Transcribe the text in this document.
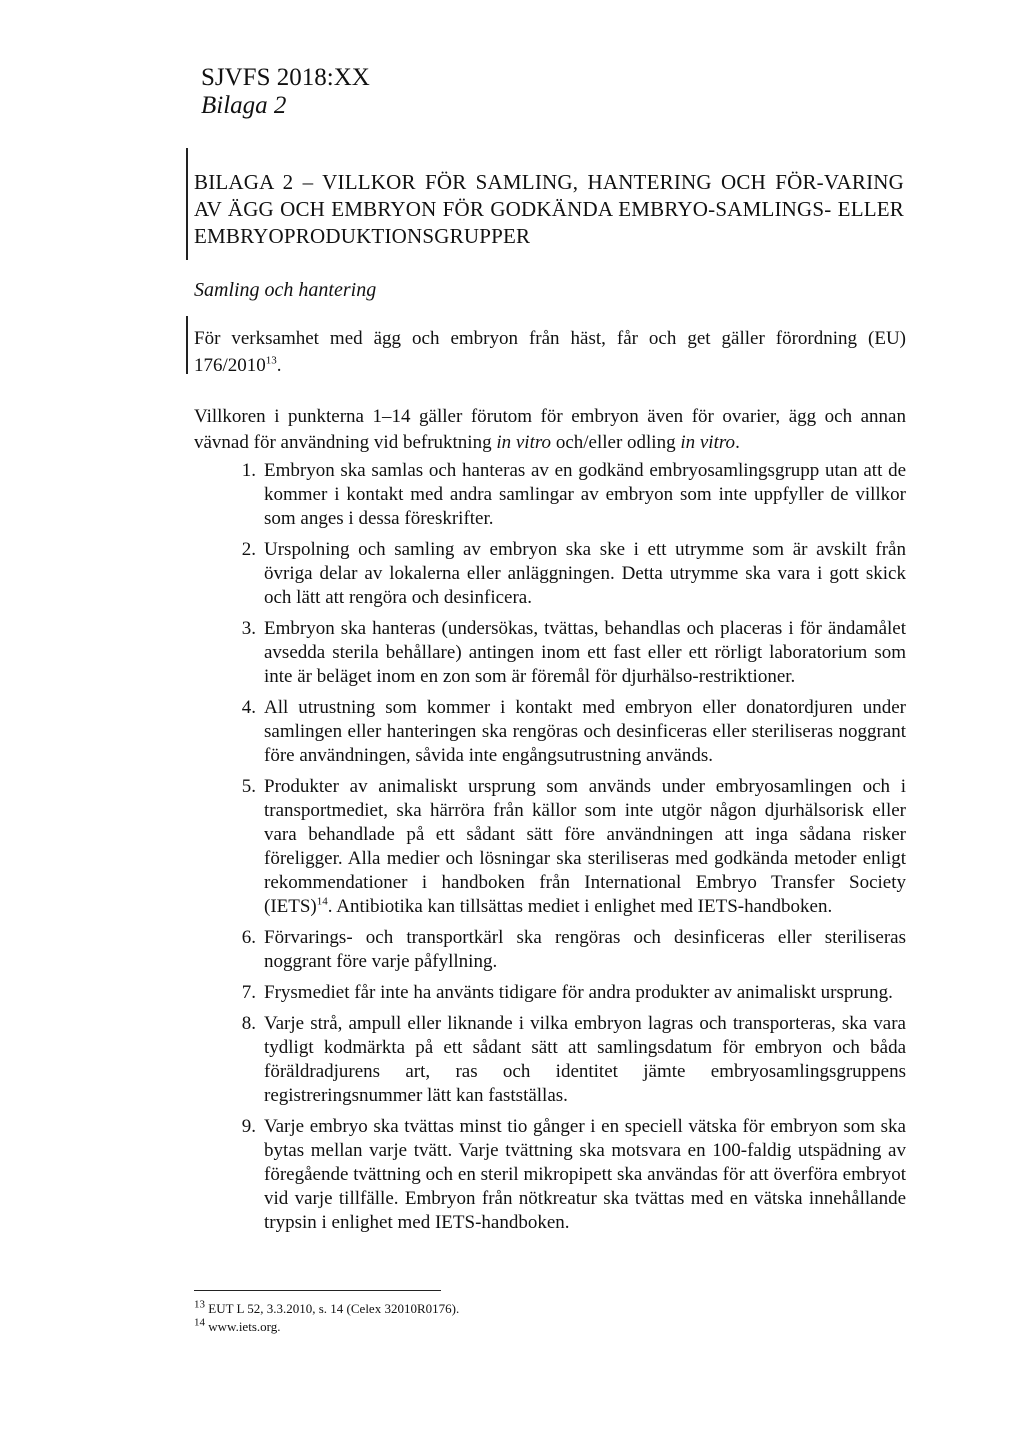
SJVFS 2018:XX
Bilaga 2
BILAGA 2 – VILLKOR FÖR SAMLING, HANTERING OCH FÖR-VARING AV ÄGG OCH EMBRYON FÖR GODKÄNDA EMBRYO-SAMLINGS- ELLER EMBRYOPRODUKTIONSGRUPPER
Samling och hantering
För verksamhet med ägg och embryon från häst, får och get gäller förordning (EU) 176/2010$^{13}$.
Villkoren i punkterna 1–14 gäller förutom för embryon även för ovarier, ägg och annan vävnad för användning vid befruktning in vitro och/eller odling in vitro.
1. Embryon ska samlas och hanteras av en godkänd embryosamlingsgrupp utan att de kommer i kontakt med andra samlingar av embryon som inte uppfyller de villkor som anges i dessa föreskrifter.
2. Urspolning och samling av embryon ska ske i ett utrymme som är avskilt från övriga delar av lokalerna eller anläggningen. Detta utrymme ska vara i gott skick och lätt att rengöra och desinficera.
3. Embryon ska hanteras (undersökas, tvättas, behandlas och placeras i för ändamålet avsedda sterila behållare) antingen inom ett fast eller ett rörligt laboratorium som inte är beläget inom en zon som är föremål för djurhälso-restriktioner.
4. All utrustning som kommer i kontakt med embryon eller donatordjuren under samlingen eller hanteringen ska rengöras och desinficeras eller steriliseras noggrant före användningen, såvida inte engångsutrustning används.
5. Produkter av animaliskt ursprung som används under embryosamlingen och i transportmediet, ska härröra från källor som inte utgör någon djurhälsorisk eller vara behandlade på ett sådant sätt före användningen att inga sådana risker föreligger. Alla medier och lösningar ska steriliseras med godkända metoder enligt rekommendationer i handboken från International Embryo Transfer Society (IETS)$^{14}$. Antibiotika kan tillsättas mediet i enlighet med IETS-handboken.
6. Förvarings- och transportkärl ska rengöras och desinficeras eller steriliseras noggrant före varje påfyllning.
7. Frysmediet får inte ha använts tidigare för andra produkter av animaliskt ursprung.
8. Varje strå, ampull eller liknande i vilka embryon lagras och transporteras, ska vara tydligt kodmärkta på ett sådant sätt att samlingsdatum för embryon och båda föräldradjurens art, ras och identitet jämte embryosamlingsgruppens registreringsnummer lätt kan fastställas.
9. Varje embryo ska tvättas minst tio gånger i en speciell vätska för embryon som ska bytas mellan varje tvätt. Varje tvättning ska motsvara en 100-faldig utspädning av föregående tvättning och en steril mikropipett ska användas för att överföra embryot vid varje tillfälle. Embryon från nötkreatur ska tvättas med en vätska innehållande trypsin i enlighet med IETS-handboken.
$^{13}$ EUT L 52, 3.3.2010, s. 14 (Celex 32010R0176).
$^{14}$ www.iets.org.
